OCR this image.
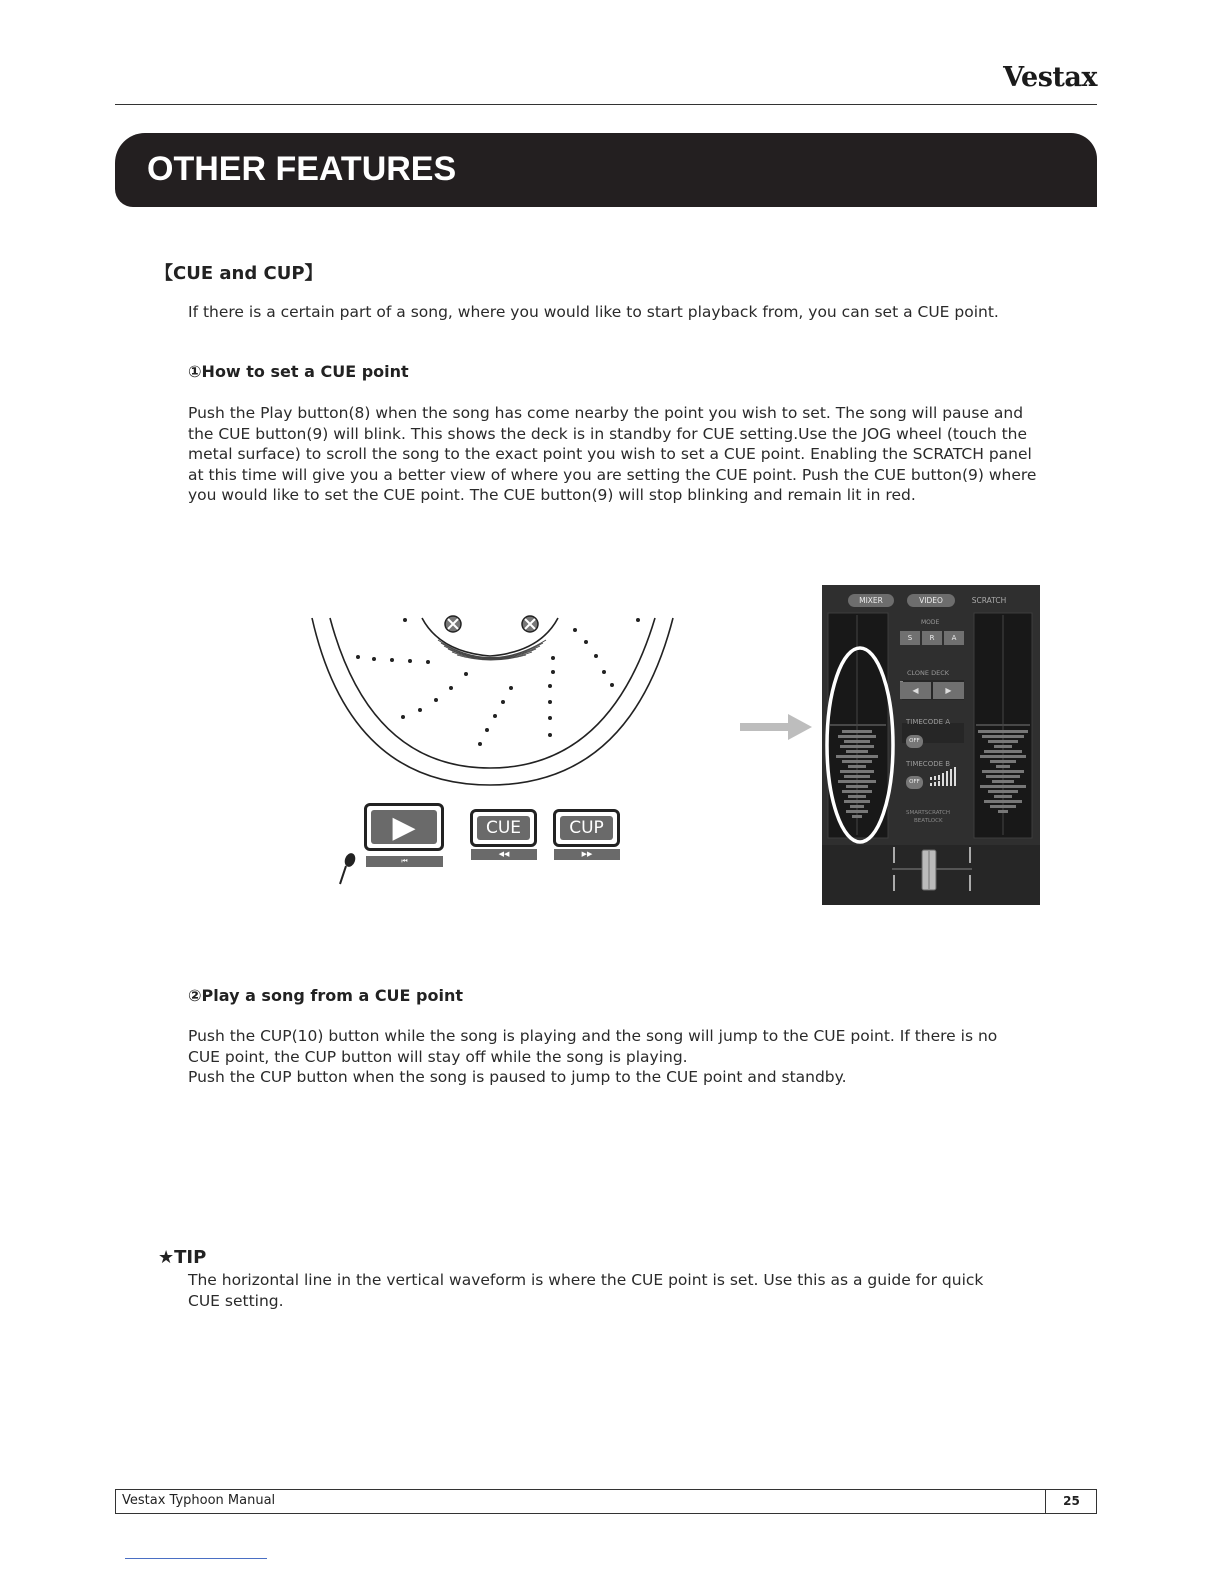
Vestax
OTHER FEATURES
【CUE and CUP】
If there is a certain part of a song, where you would like to start playback from, you can set a CUE point.
①How to set a CUE point

Push the Play button(8) when the song has come nearby the point you wish to set. The song will pause and

the CUE button(9) will blink. This shows the deck is in standby for CUE setting.Use the JOG wheel (touch the

metal surface) to scroll the song to the exact point you wish to set a CUE point. Enabling the SCRATCH panel

at this time will give you a better view of where you are setting the CUE point. Push the CUE button(9) where

you would like to set the CUE point. The CUE button(9) will stop blinking and remain lit in red.

▶
⏮
CUE
◀◀
CUP
▶▶
MIXER	VIDEO	SCRATCH
MODE
S	R	A
CLONE DECK
◀	▶
TIMECODE A
OFF
TIMECODE B
OFF
SMARTSCRATCH
BEATLOCK
②Play a song from a CUE point

Push the CUP(10) button while the song is playing and the song will jump to the CUE point. If there is no

CUE point, the CUP button will stay off while the song is playing.

Push the CUP button when the song is paused to jump to the CUE point and standby.

★TIP

The horizontal line in the vertical waveform is where the CUE point is set. Use this as a guide for quick

CUE setting.

Vestax Typhoon Manual	25
